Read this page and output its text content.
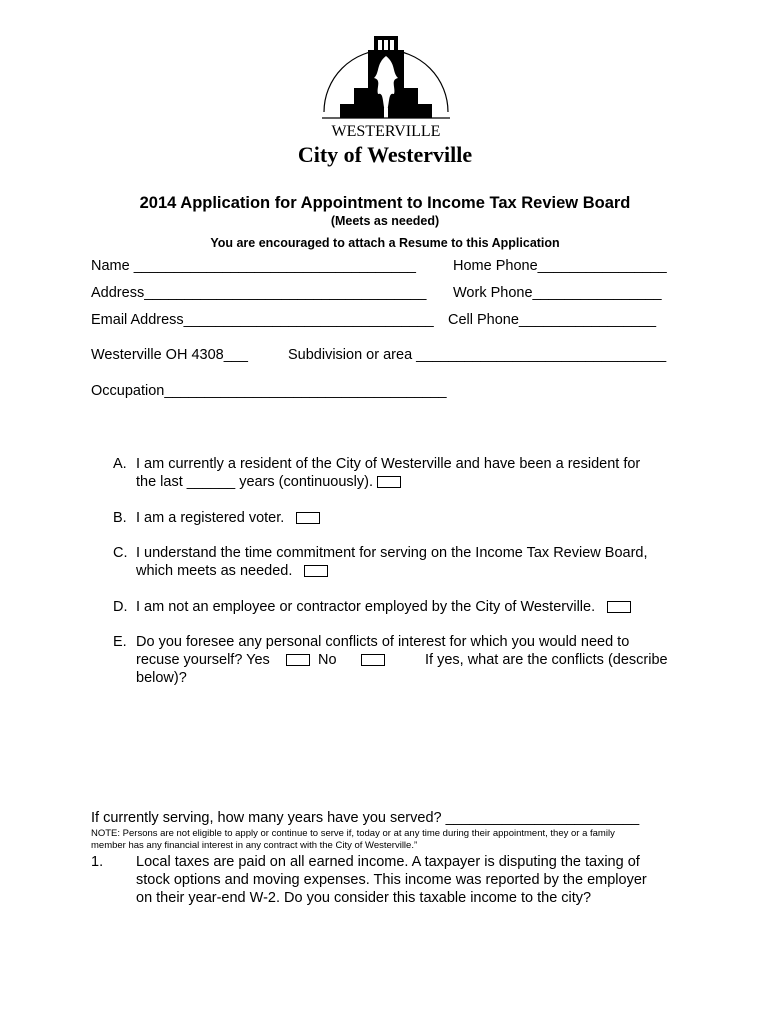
WESTERVILLE
City of Westerville
2014 Application for Appointment to Income Tax Review Board
(Meets as needed)
You are encouraged to attach a Resume to this Application
Name ___________________________________	Home Phone________________
Address___________________________________ Work Phone________________
Email Address_______________________________ Cell Phone_________________
Westerville OH 4308___	Subdivision or area _______________________________
Occupation___________________________________
A. I am currently a resident of the City of Westerville and have been a resident for
the last ______ years (continuously).
B. I am a registered voter.
C. I understand the time commitment for serving on the Income Tax Review Board,
which meets as needed.
D. I am not an employee or contractor employed by the City of Westerville.
E. Do you foresee any personal conflicts of interest for which you would need to
recuse yourself? Yes	No	If yes, what are the conflicts (describe
below)?
If currently serving, how many years have you served? ________________________
NOTE: Persons are not eligible to apply or continue to serve if, today or at any time during their appointment, they or a family
member has any financial interest in any contract with the City of Westerville.”
1. Local taxes are paid on all earned income. A taxpayer is disputing the taxing of
stock options and moving expenses. This income was reported by the employer
on their year-end W-2. Do you consider this taxable income to the city?
